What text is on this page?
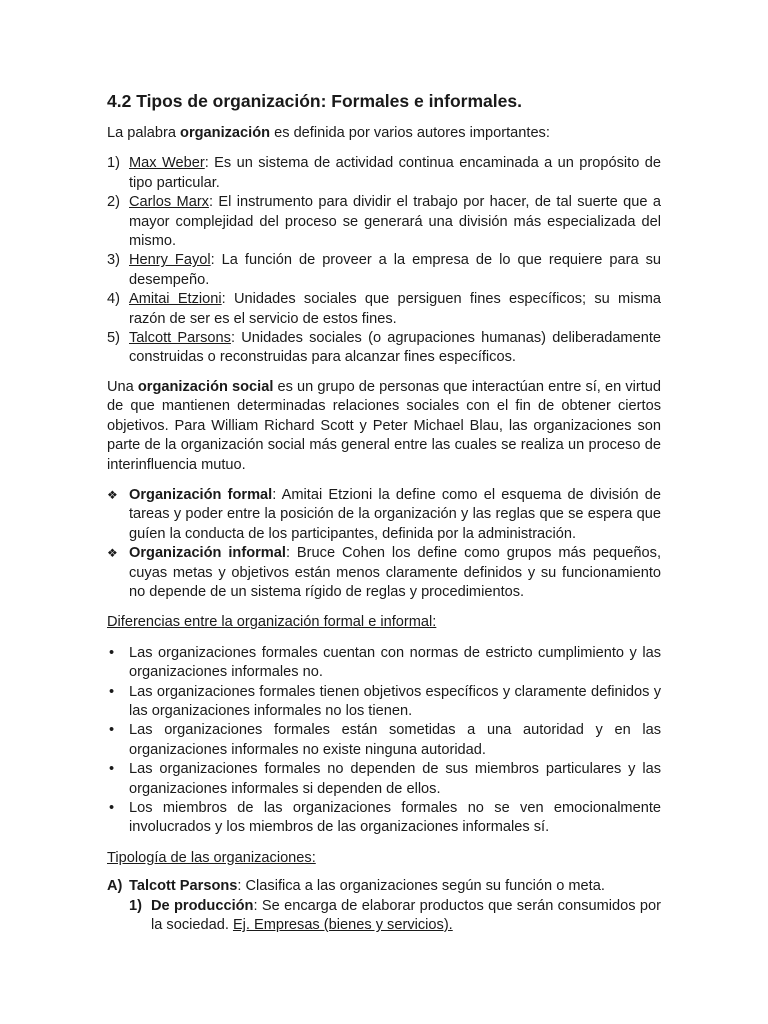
4.2 Tipos de organización: Formales e informales.

La palabra organización es definida por varios autores importantes:

1) Max Weber: Es un sistema de actividad continua encaminada a un propósito de tipo particular.
2) Carlos Marx: El instrumento para dividir el trabajo por hacer, de tal suerte que a mayor complejidad del proceso se generará una división más especializada del mismo.
3) Henry Fayol: La función de proveer a la empresa de lo que requiere para su desempeño.
4) Amitai Etzioni: Unidades sociales que persiguen fines específicos; su misma razón de ser es el servicio de estos fines.
5) Talcott Parsons: Unidades sociales (o agrupaciones humanas) deliberadamente construidas o reconstruidas para alcanzar fines específicos.

Una organización social es un grupo de personas que interactúan entre sí, en virtud de que mantienen determinadas relaciones sociales con el fin de obtener ciertos objetivos. Para William Richard Scott y Peter Michael Blau, las organizaciones son parte de la organización social más general entre las cuales se realiza un proceso de interinfluencia mutuo.

❖ Organización formal: Amitai Etzioni la define como el esquema de división de tareas y poder entre la posición de la organización y las reglas que se espera que guíen la conducta de los participantes, definida por la administración.
❖ Organización informal: Bruce Cohen los define como grupos más pequeños, cuyas metas y objetivos están menos claramente definidos y su funcionamiento no depende de un sistema rígido de reglas y procedimientos.

Diferencias entre la organización formal e informal:

• Las organizaciones formales cuentan con normas de estricto cumplimiento y las organizaciones informales no.
• Las organizaciones formales tienen objetivos específicos y claramente definidos y las organizaciones informales no los tienen.
• Las organizaciones formales están sometidas a una autoridad y en las organizaciones informales no existe ninguna autoridad.
• Las organizaciones formales no dependen de sus miembros particulares y las organizaciones informales si dependen de ellos.
• Los miembros de las organizaciones formales no se ven emocionalmente involucrados y los miembros de las organizaciones informales sí.

Tipología de las organizaciones:

A) Talcott Parsons: Clasifica a las organizaciones según su función o meta.
1) De producción: Se encarga de elaborar productos que serán consumidos por la sociedad. Ej. Empresas (bienes y servicios).
